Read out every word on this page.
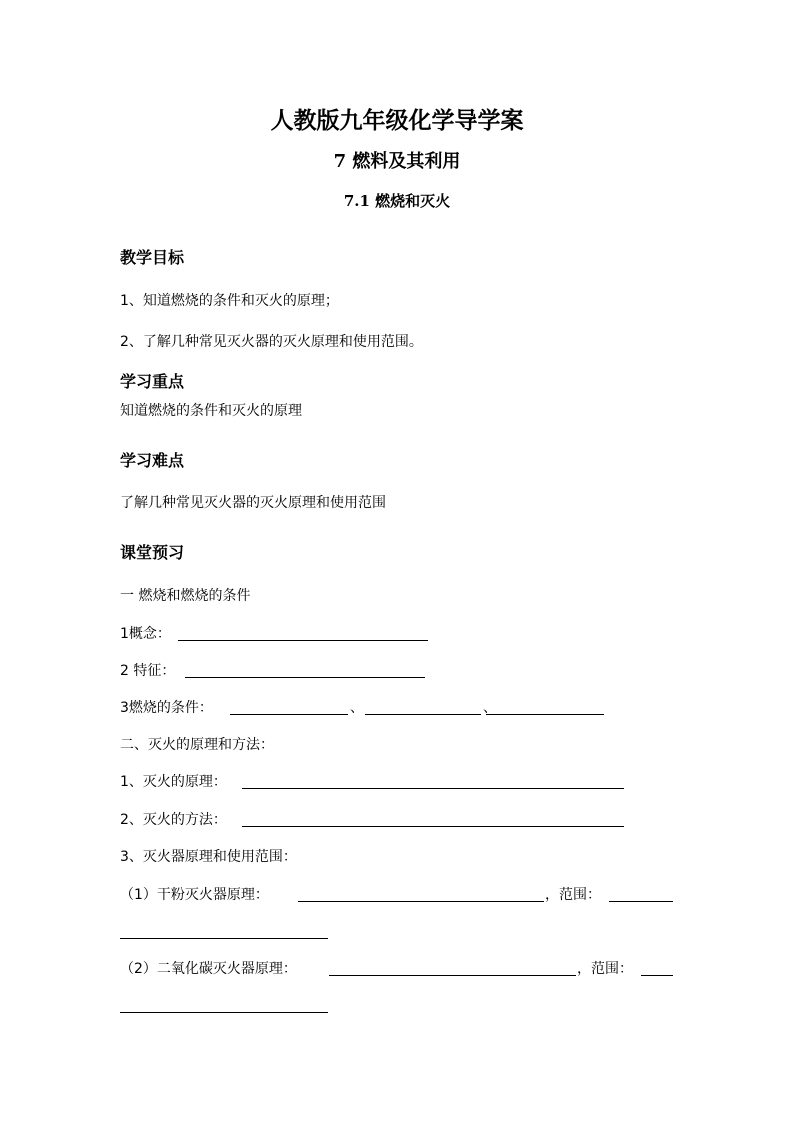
人教版九年级化学导学案
7 燃料及其利用
7.1 燃烧和灭火
教学目标
1、知道燃烧的条件和灭火的原理；
2、了解几种常见灭火器的灭火原理和使用范围。
学习重点
知道燃烧的条件和灭火的原理
学习难点
了解几种常见灭火器的灭火原理和使用范围
课堂预习
一 燃烧和燃烧的条件
1概念：
2 特征：
3燃烧的条件：	、	、
二、灭火的原理和方法：
1、灭火的原理：
2、灭火的方法：
3、灭火器原理和使用范围：
（1）干粉灭火器原理：	，范围：
（2）二氧化碳灭火器原理：	，范围：
